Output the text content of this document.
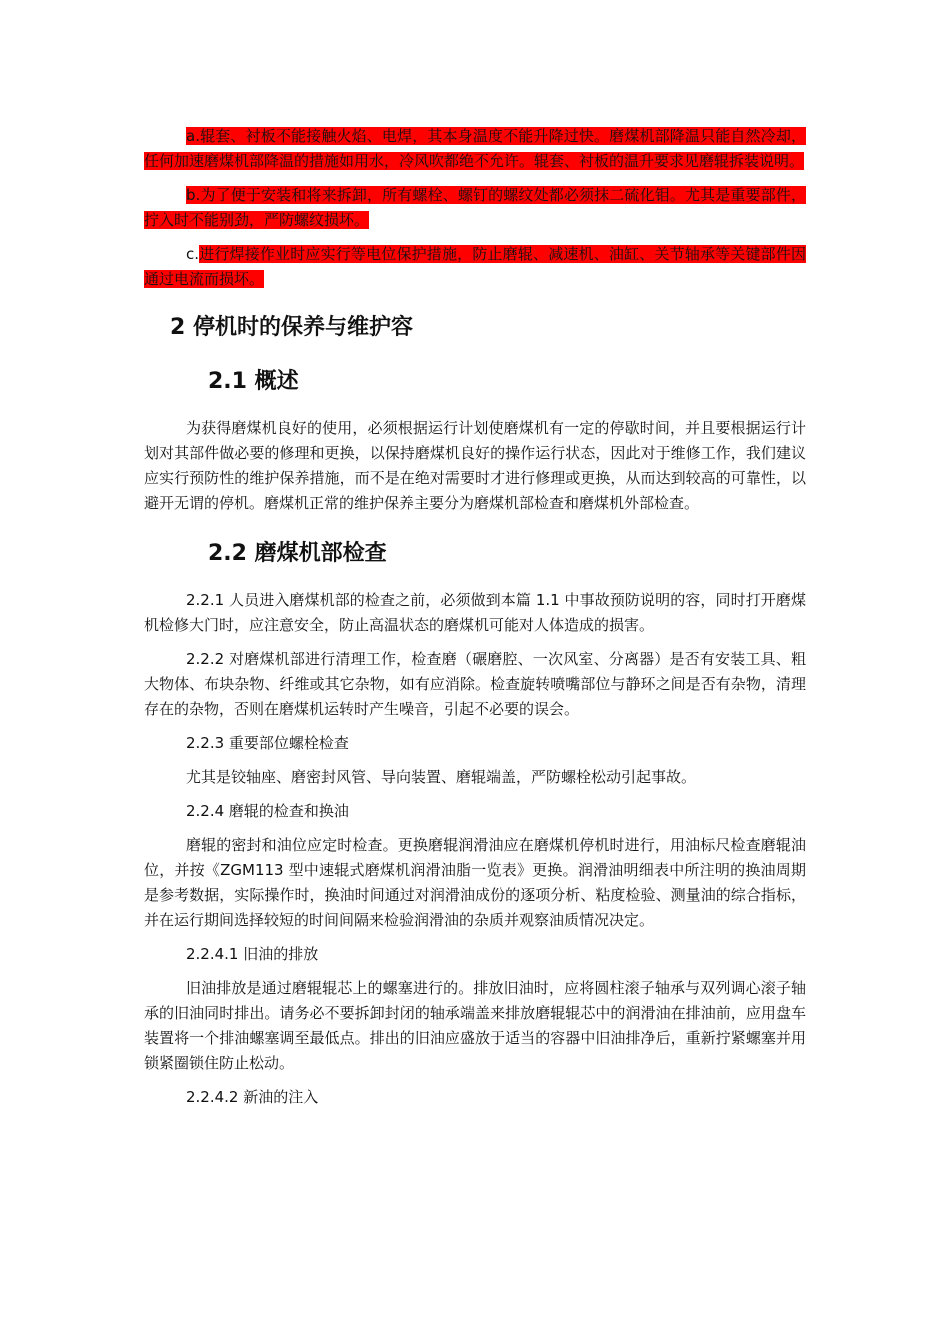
a.辊套、衬板不能接触火焰、电焊，其本身温度不能升降过快。磨煤机部降温只能自然冷却，任何加速磨煤机部降温的措施如用水，冷风吹都绝不允许。辊套、衬板的温升要求见磨辊拆装说明。

b.为了便于安装和将来拆卸，所有螺栓、螺钉的螺纹处都必须抹二硫化钼。尤其是重要部件，拧入时不能别劲，严防螺纹损坏。

c.进行焊接作业时应实行等电位保护措施，防止磨辊、减速机、油缸、关节轴承等关键部件因通过电流而损坏。

2 停机时的保养与维护容
2.1 概述

为获得磨煤机良好的使用，必须根据运行计划使磨煤机有一定的停歇时间，并且要根据运行计划对其部件做必要的修理和更换，以保持磨煤机良好的操作运行状态，因此对于维修工作，我们建议应实行预防性的维护保养措施，而不是在绝对需要时才进行修理或更换，从而达到较高的可靠性，以避开无谓的停机。磨煤机正常的维护保养主要分为磨煤机部检查和磨煤机外部检查。

2.2 磨煤机部检查

2.2.1 人员进入磨煤机部的检查之前，必须做到本篇 1.1 中事故预防说明的容，同时打开磨煤机检修大门时，应注意安全，防止高温状态的磨煤机可能对人体造成的损害。

2.2.2 对磨煤机部进行清理工作，检查磨（碾磨腔、一次风室、分离器）是否有安装工具、粗大物体、布块杂物、纤维或其它杂物，如有应消除。检查旋转喷嘴部位与静环之间是否有杂物，清理存在的杂物，否则在磨煤机运转时产生噪音，引起不必要的误会。

2.2.3 重要部位螺栓检查

尤其是铰轴座、磨密封风管、导向装置、磨辊端盖，严防螺栓松动引起事故。

2.2.4 磨辊的检查和换油

磨辊的密封和油位应定时检查。更换磨辊润滑油应在磨煤机停机时进行，用油标尺检查磨辊油位，并按《ZGM113 型中速辊式磨煤机润滑油脂一览表》更换。润滑油明细表中所注明的换油周期是参考数据，实际操作时，换油时间通过对润滑油成份的逐项分析、粘度检验、测量油的综合指标，并在运行期间选择较短的时间间隔来检验润滑油的杂质并观察油质情况决定。

2.2.4.1 旧油的排放

旧油排放是通过磨辊辊芯上的螺塞进行的。排放旧油时，应将圆柱滚子轴承与双列调心滚子轴承的旧油同时排出。请务必不要拆卸封闭的轴承端盖来排放磨辊辊芯中的润滑油在排油前，应用盘车装置将一个排油螺塞调至最低点。排出的旧油应盛放于适当的容器中旧油排净后，重新拧紧螺塞并用锁紧圈锁住防止松动。

2.2.4.2 新油的注入
